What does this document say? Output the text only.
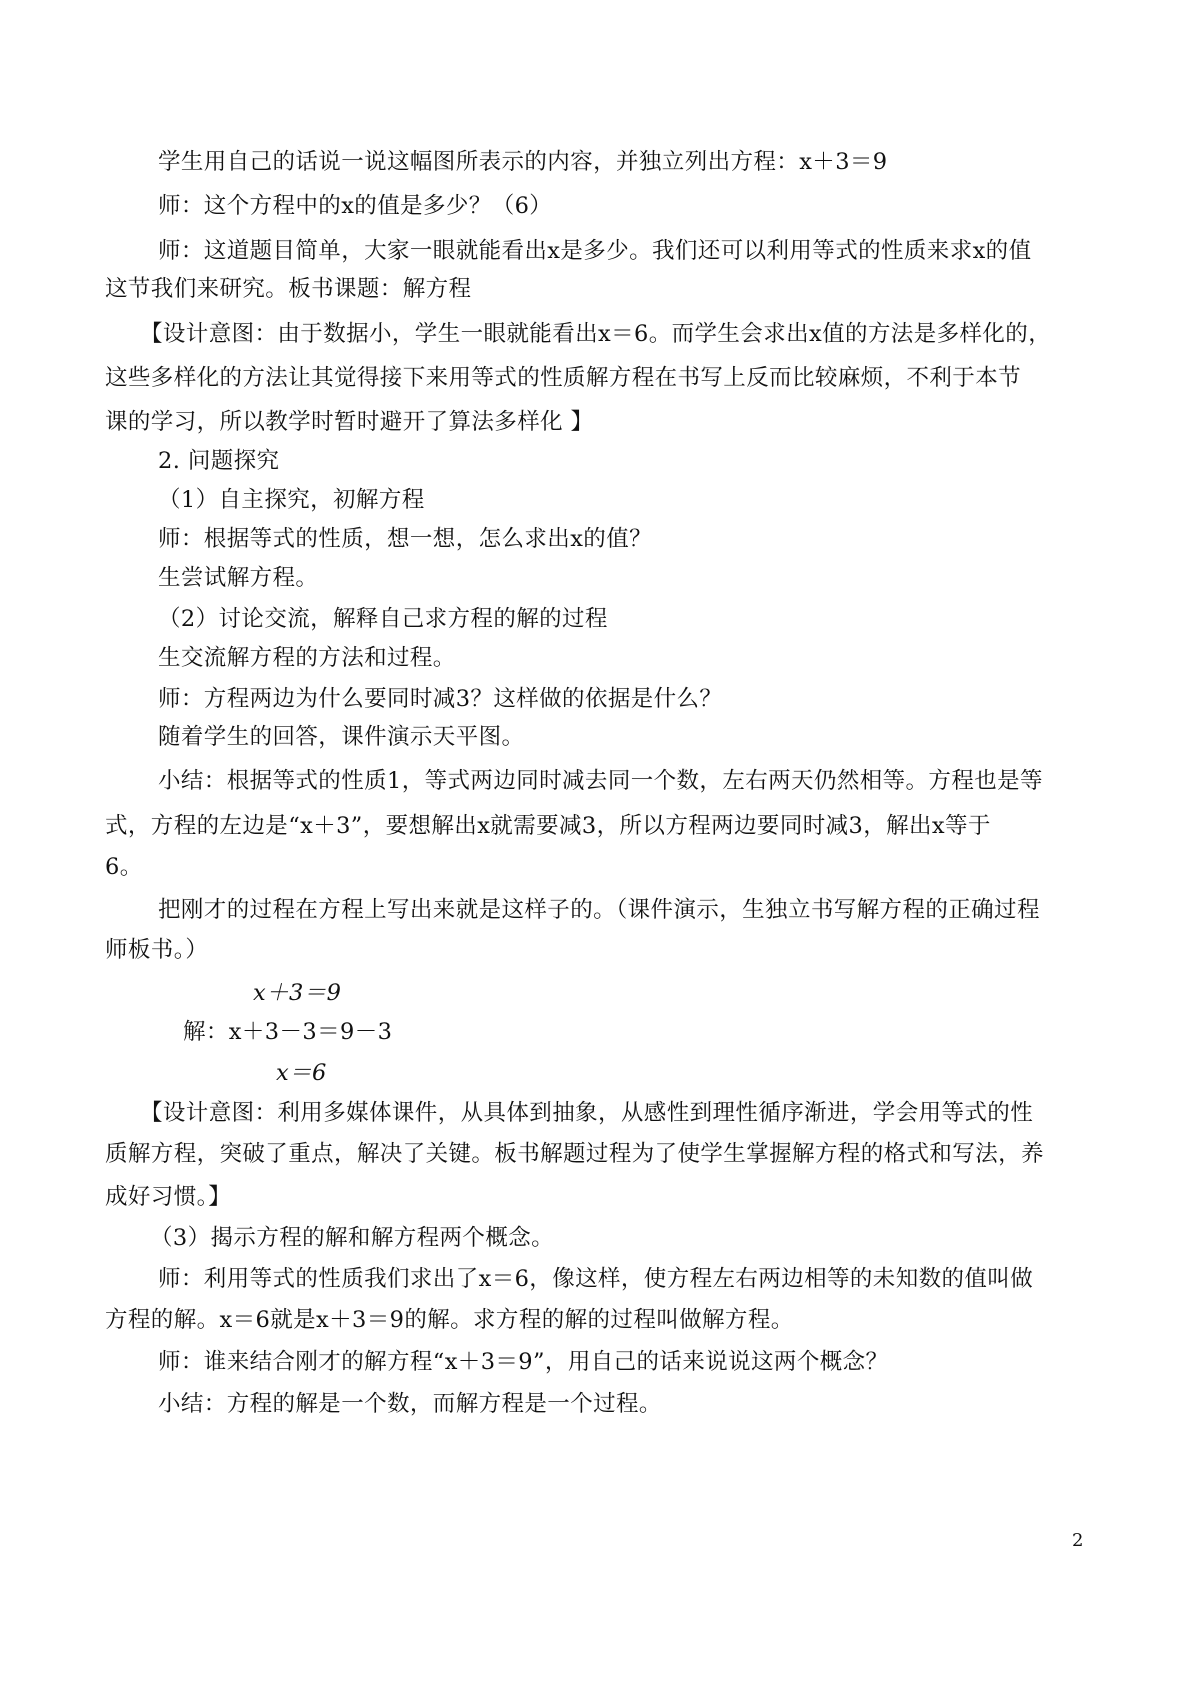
学生用自己的话说一说这幅图所表示的内容，并独立列出方程：x＋3＝9
师：这个方程中的x的值是多少？（6）
师：这道题目简单，大家一眼就能看出x是多少。我们还可以利用等式的性质来求x的值
这节我们来研究。板书课题：解方程
【设计意图：由于数据小，学生一眼就能看出x＝6。而学生会求出x值的方法是多样化的，
这些多样化的方法让其觉得接下来用等式的性质解方程在书写上反而比较麻烦，不利于本节
课的学习，所以教学时暂时避开了算法多样化 】
2. 问题探究
（1）自主探究，初解方程
师：根据等式的性质，想一想，怎么求出x的值？
生尝试解方程。
（2）讨论交流，解释自己求方程的解的过程
生交流解方程的方法和过程。
师：方程两边为什么要同时减3？这样做的依据是什么？
随着学生的回答，课件演示天平图。
小结：根据等式的性质1，等式两边同时减去同一个数，左右两天仍然相等。方程也是等
式，方程的左边是“x＋3”，要想解出x就需要减3，所以方程两边要同时减3，解出x等于
6。
把刚才的过程在方程上写出来就是这样子的。（课件演示，生独立书写解方程的正确过程
师板书。）
x＋3＝9
解：x＋3－3＝9－3
x＝6
【设计意图：利用多媒体课件，从具体到抽象，从感性到理性循序渐进，学会用等式的性
质解方程，突破了重点，解决了关键。板书解题过程为了使学生掌握解方程的格式和写法，养
成好习惯。】
（3）揭示方程的解和解方程两个概念。
师：利用等式的性质我们求出了x＝6，像这样，使方程左右两边相等的未知数的值叫做
方程的解。x＝6就是x＋3＝9的解。求方程的解的过程叫做解方程。
师：谁来结合刚才的解方程“x＋3＝9”，用自己的话来说说这两个概念？
小结：方程的解是一个数，而解方程是一个过程。
2
